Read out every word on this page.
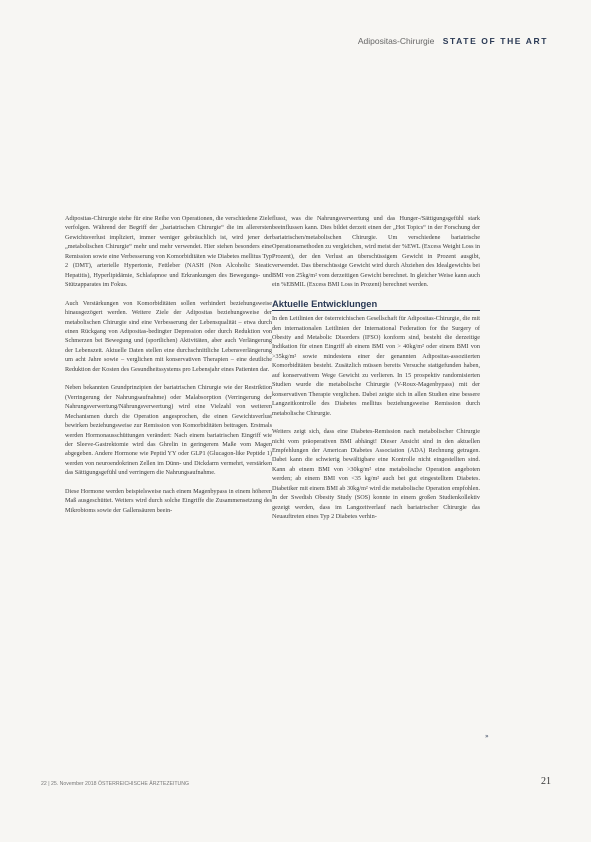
Adipositas-Chirurgie STATE OF THE ART

Adipositas-Chirurgie stehe für eine Reihe von Operationen, die verschiedene Ziele verfolgen. Während der Begriff der „bariatrischen Chirurgie“ die im allerersten Gewichtsverlust impliziert, immer weniger gebräuchlich ist, wird jener der „metabolischen Chirurgie“ mehr und mehr verwendet. Hier stehen besonders eine Remission sowie eine Verbesserung von Komorbiditäten wie Diabetes mellitus Typ 2 (DMT), arterielle Hypertonie, Fettleber (NASH (Non Alcoholic Steatic Hepatitis), Hyperlipidämie, Schlafapnoe und Erkrankungen des Bewegungs- und Stützapparates im Fokus.

Auch Verstärkungen von Komorbiditäten sollen verhindert beziehungsweise hinausgezögert werden. Weitere Ziele der Adipositas beziehungsweise der metabolischen Chirurgie sind eine Verbesserung der Lebensqualität – etwa durch einen Rückgang von Adipositas-bedingter Depression oder durch Reduktion von Schmerzen bei Bewegung und (sportlichen) Aktivitäten, aber auch Verlängerung der Lebenszeit. Aktuelle Daten stellen eine durchschnittliche Lebensverlängerung um acht Jahre sowie – verglichen mit konservativen Therapien – eine deutliche Reduktion der Kosten des Gesundheitssystems pro Lebensjahr eines Patienten dar.

Neben bekannten Grundprinzipien der bariatrischen Chirurgie wie der Restriktion (Verringerung der Nahrungsaufnahme) oder Malabsorption (Verringerung der Nahrungsverwertung/Nährungsverwertung) wird eine Vielzahl von weiteren Mechanismen durch die Operation angesprochen, die einen Gewichtsverlust bewirken beziehungsweise zur Remission von Komorbiditäten beitragen. Erstmals werden Hormonausschüttungen verändert: Nach einem bariatrischen Eingriff wie der Sleeve-Gastrektomie wird das Ghrelin in geringerem Maße vom Magen abgegeben. Andere Hormone wie Peptid YY oder GLP1 (Glucagon-like Peptide 1) werden von neuroendokrinen Zellen im Dünn- und Dickdarm vermehrt, verstärken das Sättigungsgefühl und verringern die Nahrungsaufnahme.

Diese Hormone werden beispielsweise nach einem Magenbypass in einem höheren Maß ausgeschüttet. Weiters wird durch solche Eingriffe die Zusammensetzung des Mikrobioms sowie der Gallensäuren beein-

flusst, was die Nahrungsverwertung und das Hunger-/Sättigungsgefühl stark beeinflussen kann. Dies bildet derzeit einen der „Hot Topics“ in der Forschung der bariatrischen/metabolischen Chirurgie. Um verschiedene bariatrische Operationsmethoden zu vergleichen, wird meist der %EWL (Excess Weight Loss in Prozent), der den Verlust an überschüssigem Gewicht in Prozent ausgibt, verwendet. Das überschüssige Gewicht wird durch Abziehen des Idealgewichts bei BMI von 25kg/m² vom derzeitigen Gewicht berechnet. In gleicher Weise kann auch ein %EBMIL (Excess BMI Loss in Prozent) berechnet werden.

Aktuelle Entwicklungen

In den Leitlinien der österreichischen Gesellschaft für Adipositas-Chirurgie, die mit den internationalen Leitlinien der International Federation for the Surgery of Obesity and Metabolic Disorders (IFSO) konform sind, besteht die derzeitige Indikation für einen Eingriff ab einem BMI von > 40kg/m² oder einem BMI von >35kg/m² sowie mindestens einer der genannten Adipositas-assoziierten Komorbiditäten besteht. Zusätzlich müssen bereits Versuche stattgefunden haben, auf konservativem Wege Gewicht zu verlieren. In 15 prospektiv randomisierten Studien wurde die metabolische Chirurgie (V-Roux-Magenbypass) mit der konservativen Therapie verglichen. Dabei zeigte sich in allen Studien eine bessere Langzeitkontrolle des Diabetes mellitus beziehungsweise Remission durch metabolische Chirurgie.

Weiters zeigt sich, dass eine Diabetes-Remission nach metabolischer Chirurgie nicht vom präoperativen BMI abhängt! Dieser Ansicht sind in den aktuellen Empfehlungen der American Diabetes Association (ADA) Rechnung getragen. Dabei kann die schwierig bewältigbare eine Kontrolle nicht eingestellten sind. Kann ab einem BMI von >30kg/m² eine metabolische Operation angeboten werden; ab einem BMI von <35 kg/m² auch bei gut eingestelltem Diabetes. Diabetiker mit einem BMI ab 30kg/m² wird die metabolische Operation empfohlen. In der Swedish Obesity Study (SOS) konnte in einem großen Studienkollektiv gezeigt werden, dass im Langzeitverlauf nach bariatrischer Chirurgie das Neuauftreten eines Typ 2 Diabetes verhin-

»
22 | 25. November 2018 ÖSTERREICHISCHE ÄRZTEZEITUNG	21
